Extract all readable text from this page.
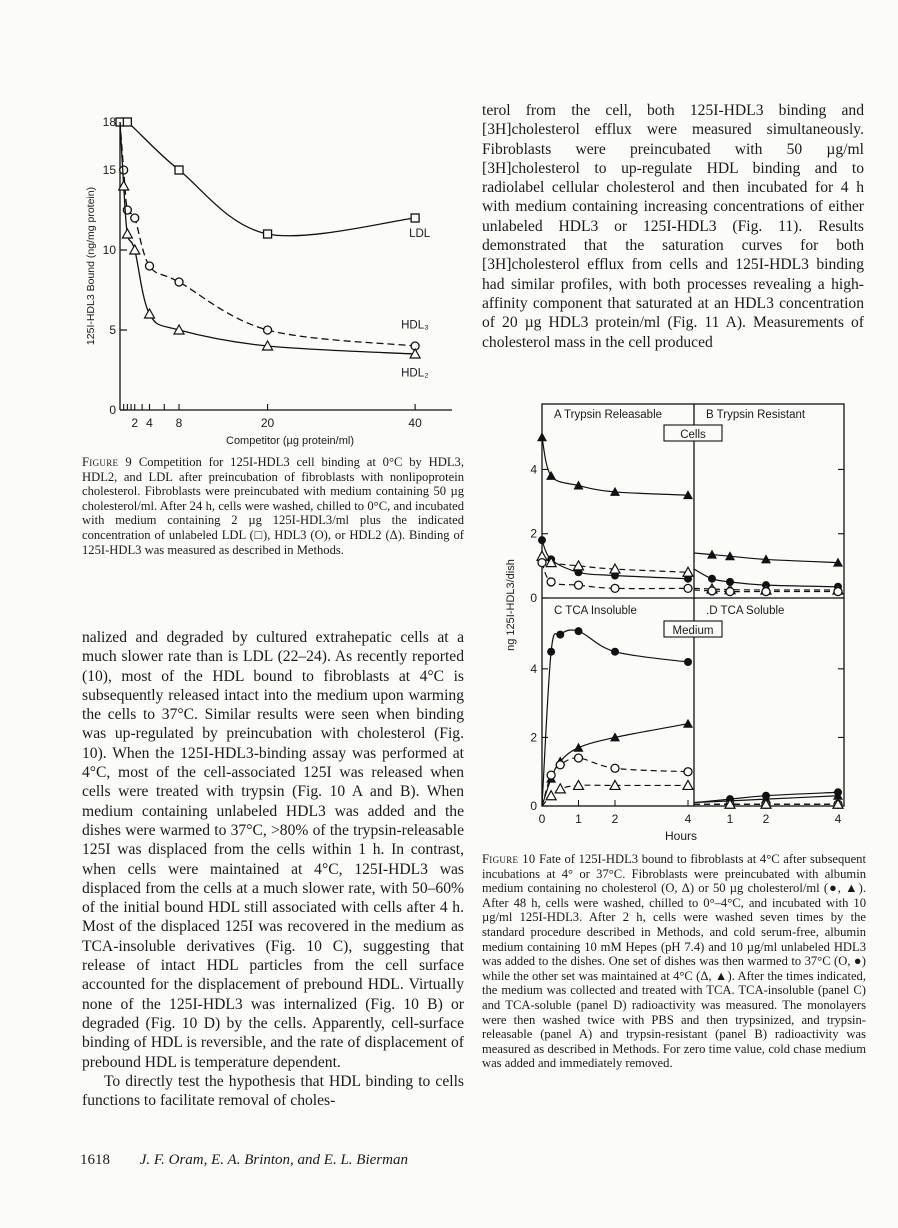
0
5
10
15
18
2 4 8	20	40
Competitor (µg protein/ml)
125I-HDL3 Bound (ng/mg protein)	LDL
HDL₃
HDL₂
Figure 9 Competition for 125I-HDL3 cell binding at 0°C by HDL3, HDL2, and LDL after preincubation of fibroblasts with nonlipoprotein cholesterol. Fibroblasts were preincubated with medium containing 50 µg cholesterol/ml. After 24 h, cells were washed, chilled to 0°C, and incubated with medium containing 2 µg 125I-HDL3/ml plus the indicated concentration of unlabeled LDL (□), HDL3 (O), or HDL2 (Δ). Binding of 125I-HDL3 was measured as described in Methods.

terol from the cell, both 125I-HDL3 binding and [3H]cholesterol efflux were measured simultaneously. Fibroblasts were preincubated with 50 µg/ml [3H]cholesterol to up-regulate HDL binding and to radiolabel cellular cholesterol and then incubated for 4 h with medium containing increasing concentrations of either unlabeled HDL3 or 125I-HDL3 (Fig. 11). Results demonstrated that the saturation curves for both [3H]cholesterol efflux from cells and 125I-HDL3 binding had similar profiles, with both processes revealing a high-affinity component that saturated at an HDL3 concentration of 20 µg HDL3 protein/ml (Fig. 11 A). Measurements of cholesterol mass in the cell produced

0
0
2
2
4
4
ng 125I-HDL3/dish
0 1 2	4	1 2	4
Hours
A Trypsin Releasable
Cells
B Trypsin Resistant
C TCA Insoluble
Medium
.D TCA Soluble
Figure 10 Fate of 125I-HDL3 bound to fibroblasts at 4°C after subsequent incubations at 4° or 37°C. Fibroblasts were preincubated with albumin medium containing no cholesterol (O, Δ) or 50 µg cholesterol/ml (●, ▲). After 48 h, cells were washed, chilled to 0°–4°C, and incubated with 10 µg/ml 125I-HDL3. After 2 h, cells were washed seven times by the standard procedure described in Methods, and cold serum-free, albumin medium containing 10 mM Hepes (pH 7.4) and 10 µg/ml unlabeled HDL3 was added to the dishes. One set of dishes was then warmed to 37°C (O, ●) while the other set was maintained at 4°C (Δ, ▲). After the times indicated, the medium was collected and treated with TCA. TCA-insoluble (panel C) and TCA-soluble (panel D) radioactivity was measured. The monolayers were then washed twice with PBS and then trypsinized, and trypsin-releasable (panel A) and trypsin-resistant (panel B) radioactivity was measured as described in Methods. For zero time value, cold chase medium was added and immediately removed.

nalized and degraded by cultured extrahepatic cells at a much slower rate than is LDL (22–24). As recently reported (10), most of the HDL bound to fibroblasts at 4°C is subsequently released intact into the medium upon warming the cells to 37°C. Similar results were seen when binding was up-regulated by preincubation with cholesterol (Fig. 10). When the 125I-HDL3-binding assay was performed at 4°C, most of the cell-associated 125I was released when cells were treated with trypsin (Fig. 10 A and B). When medium containing unlabeled HDL3 was added and the dishes were warmed to 37°C, >80% of the trypsin-releasable 125I was displaced from the cells within 1 h. In contrast, when cells were maintained at 4°C, 125I-HDL3 was displaced from the cells at a much slower rate, with 50–60% of the initial bound HDL still associated with cells after 4 h. Most of the displaced 125I was recovered in the medium as TCA-insoluble derivatives (Fig. 10 C), suggesting that release of intact HDL particles from the cell surface accounted for the displacement of prebound HDL. Virtually none of the 125I-HDL3 was internalized (Fig. 10 B) or degraded (Fig. 10 D) by the cells. Apparently, cell-surface binding of HDL is reversible, and the rate of displacement of prebound HDL is temperature dependent.

To directly test the hypothesis that HDL binding to cells functions to facilitate removal of choles-

1618 J. F. Oram, E. A. Brinton, and E. L. Bierman
